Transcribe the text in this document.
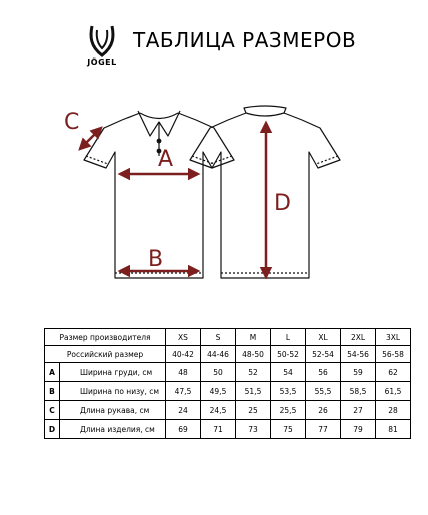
JÖGEL
ТАБЛИЦА РАЗМЕРОВ
A
B
C
D
Размер производителя		XS	S	M	L	XL	2XL	3XL
Российский размер		40-42	44-46	48-50	50-52	52-54	54-56	56-58
A	Ширина груди, см	48	50	52	54	56	59	62
B	Ширина по низу, см	47,5	49,5	51,5	53,5	55,5	58,5	61,5
C	Длина рукава, см	24	24,5	25	25,5	26	27	28
D	Длина изделия, см	69	71	73	75	77	79	81
